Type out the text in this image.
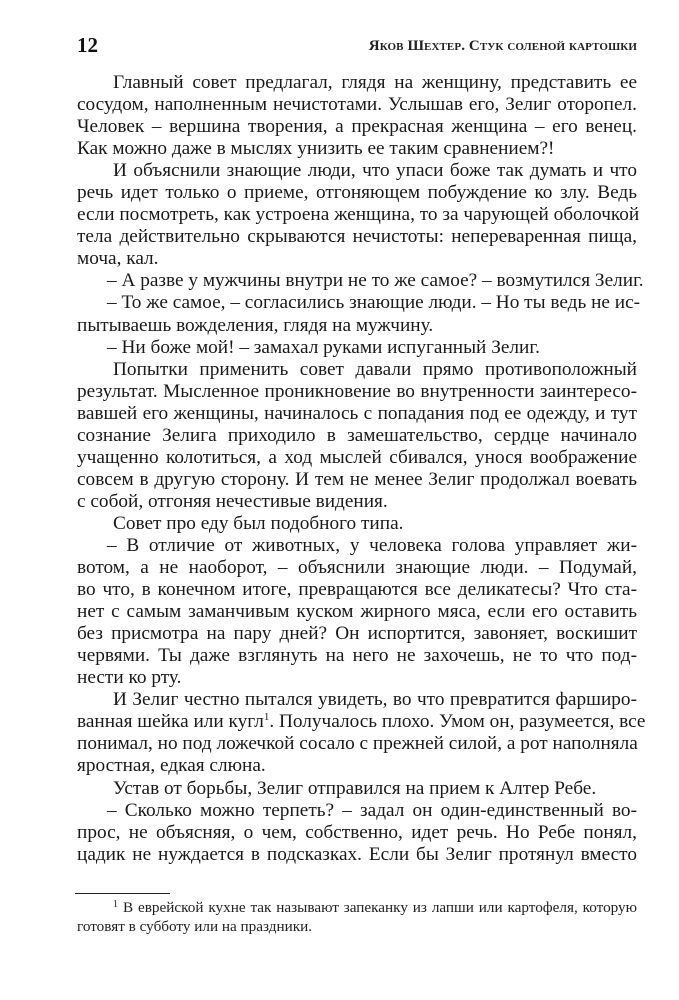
12	Яков Шехтер. Стук соленой картошки
Главный совет предлагал, глядя на женщину, представить ее
сосудом, наполненным нечистотами. Услышав его, Зелиг оторопел.
Человек – вершина творения, а прекрасная женщина – его венец.
Как можно даже в мыслях унизить ее таким сравнением?!
И объяснили знающие люди, что упаси боже так думать и что
речь идет только о приеме, отгоняющем побуждение ко злу. Ведь
если посмотреть, как устроена женщина, то за чарующей оболочкой
тела действительно скрываются нечистоты: непереваренная пища,
моча, кал.
– А разве у мужчины внутри не то же самое? – возмутился Зелиг.
– То же самое, – согласились знающие люди. – Но ты ведь не ис-
пытываешь вожделения, глядя на мужчину.
– Ни боже мой! – замахал руками испуганный Зелиг.
Попытки применить совет давали прямо противоположный
результат. Мысленное проникновение во внутренности заинтересо-
вавшей его женщины, начиналось с попадания под ее одежду, и тут
сознание Зелига приходило в замешательство, сердце начинало
учащенно колотиться, а ход мыслей сбивался, унося воображение
совсем в другую сторону. И тем не менее Зелиг продолжал воевать
с собой, отгоняя нечестивые видения.
Совет про еду был подобного типа.
– В отличие от животных, у человека голова управляет жи-
вотом, а не наоборот, – объяснили знающие люди. – Подумай,
во что, в конечном итоге, превращаются все деликатесы? Что ста-
нет с самым заманчивым куском жирного мяса, если его оставить
без присмотра на пару дней? Он испортится, завоняет, воскишит
червями. Ты даже взглянуть на него не захочешь, не то что под-
нести ко рту.
И Зелиг честно пытался увидеть, во что превратится фарширо-
ванная шейка или кугл$^1$. Получалось плохо. Умом он, разумеется, все
понимал, но под ложечкой сосало с прежней силой, а рот наполняла
яростная, едкая слюна.
Устав от борьбы, Зелиг отправился на прием к Алтер Ребе.
– Сколько можно терпеть? – задал он один-единственный во-
прос, не объясняя, о чем, собственно, идет речь. Но Ребе понял,
цадик не нуждается в подсказках. Если бы Зелиг протянул вместо
$^1$ В еврейской кухне так называют запеканку из лапши или картофеля, которую
готовят в субботу или на праздники.
